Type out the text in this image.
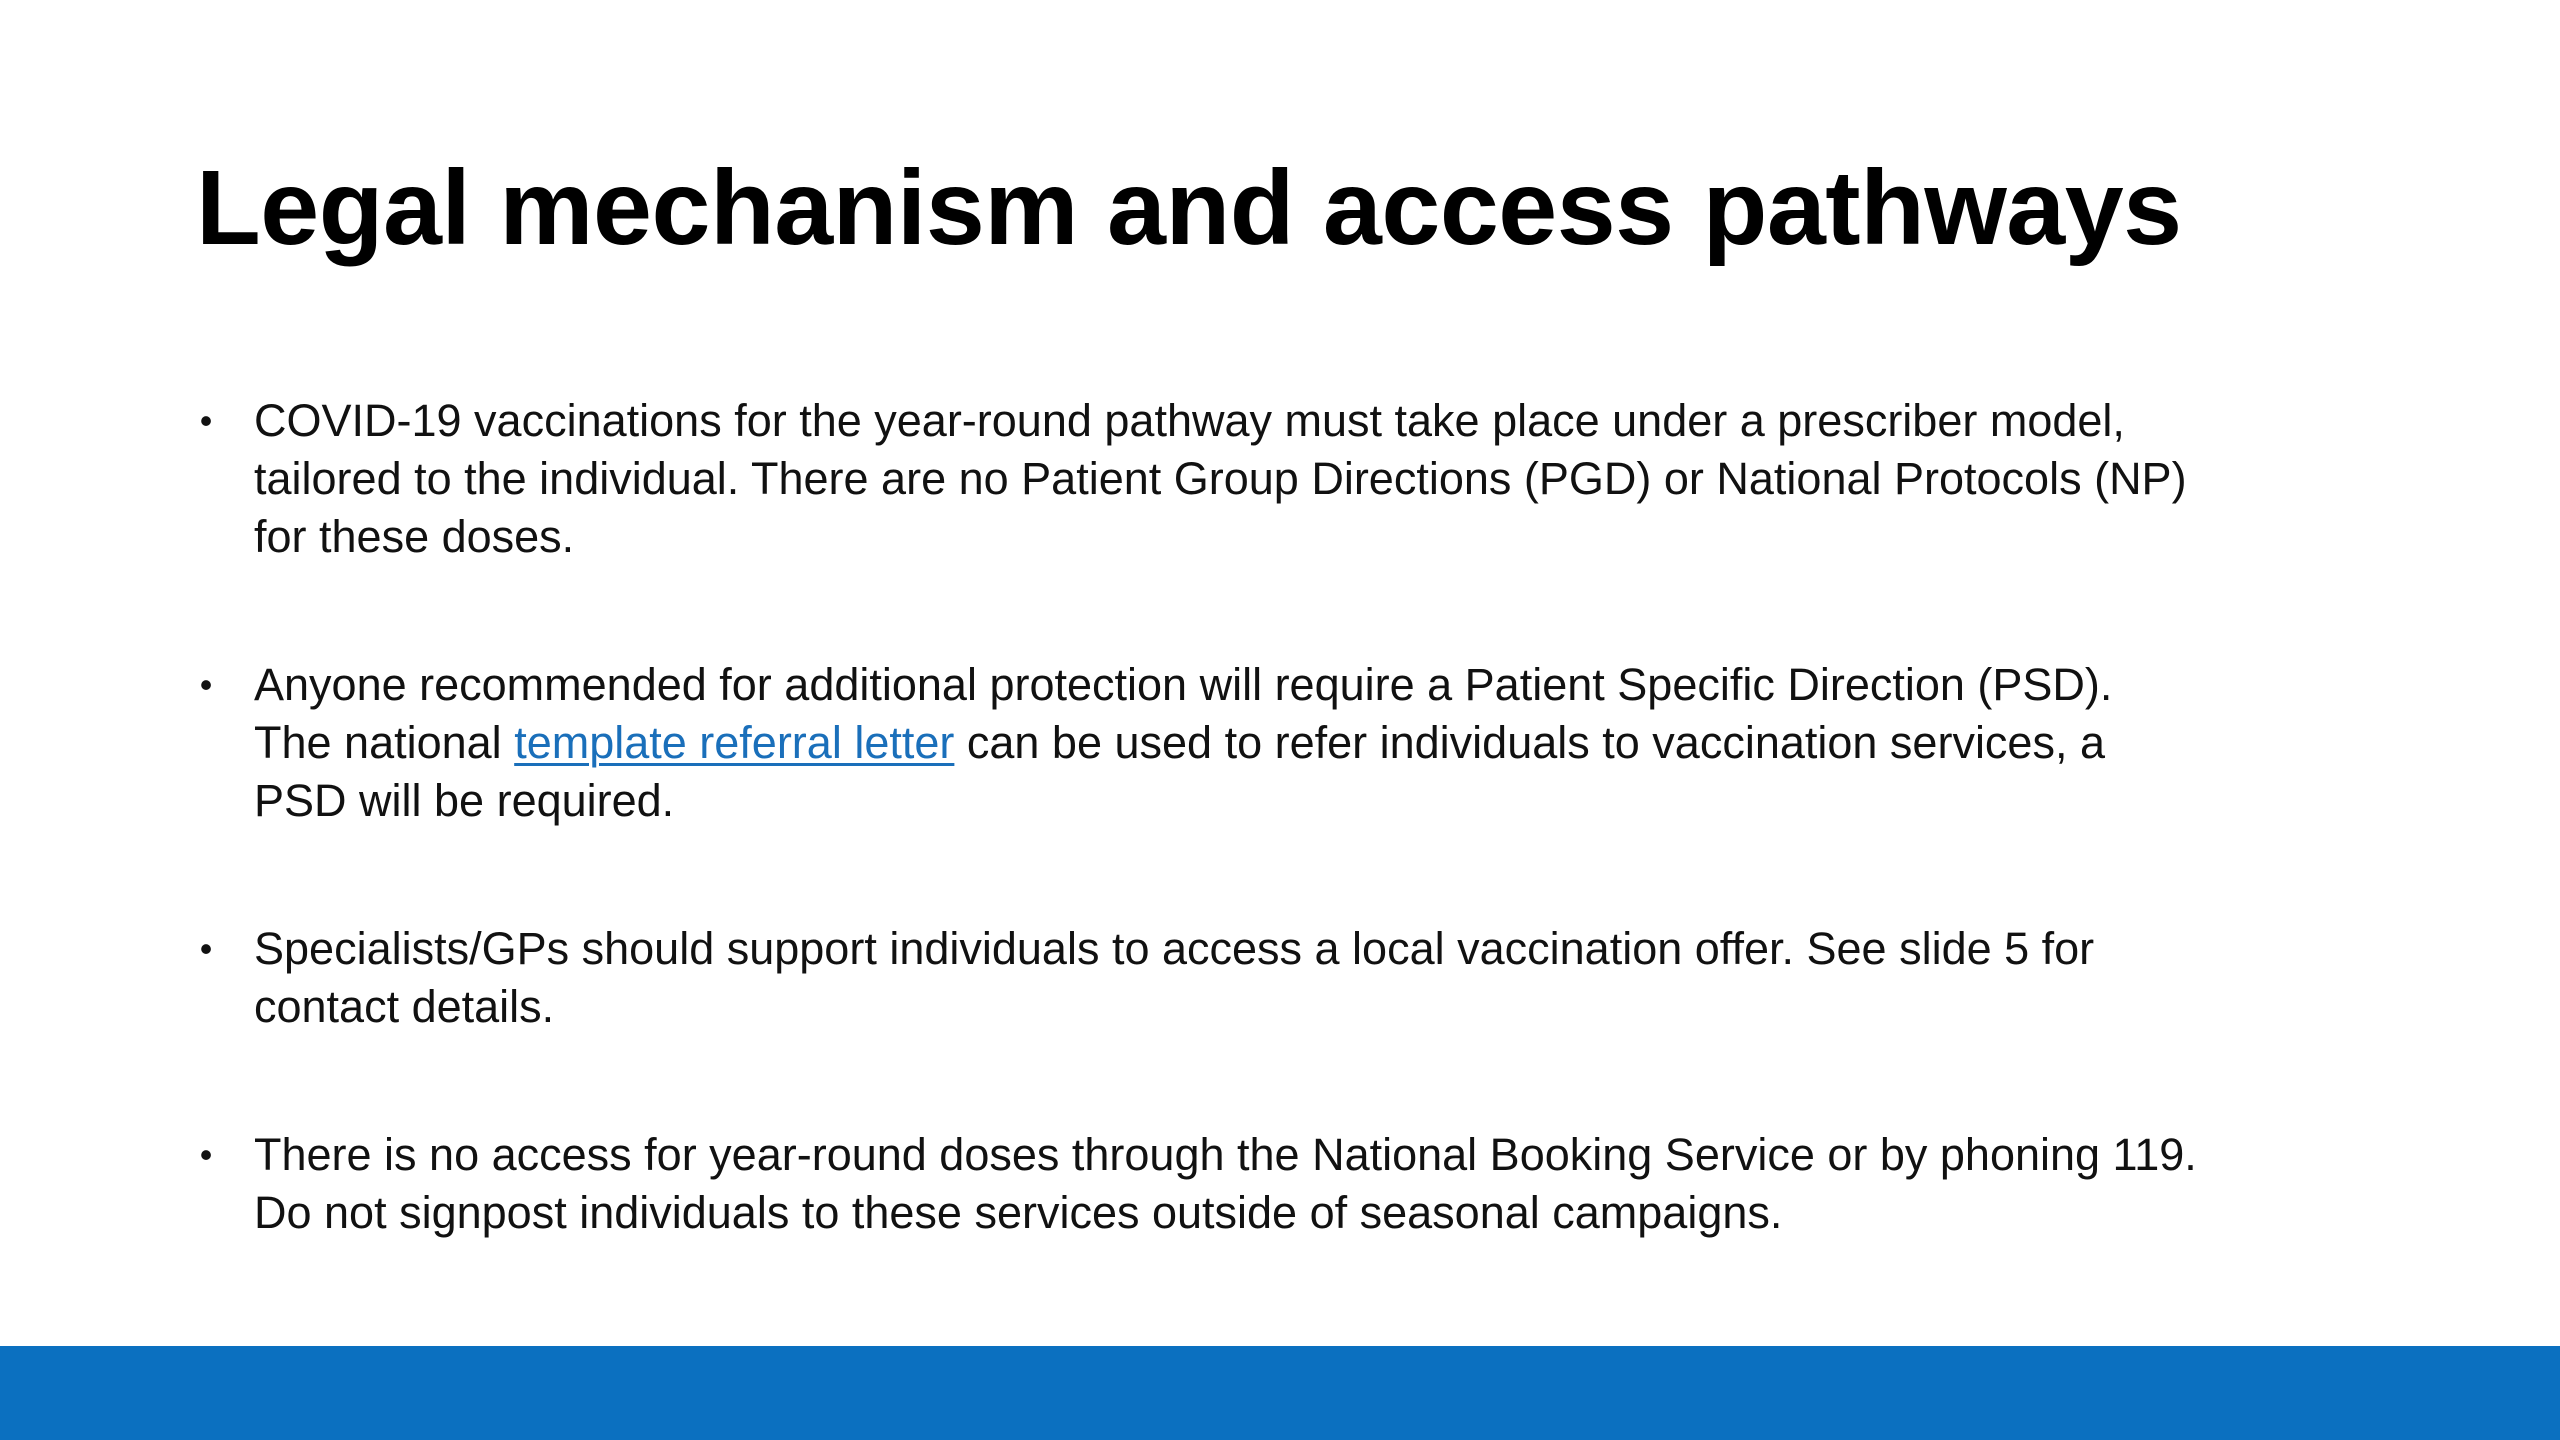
Legal mechanism and access pathways
• COVID-19 vaccinations for the year-round pathway must take place under a prescriber model,
tailored to the individual. There are no Patient Group Directions (PGD) or National Protocols (NP)
for these doses.
• Anyone recommended for additional protection will require a Patient Specific Direction (PSD).
The national template referral letter can be used to refer individuals to vaccination services, a
PSD will be required.
• Specialists/GPs should support individuals to access a local vaccination offer. See slide 5 for
contact details.
• There is no access for year-round doses through the National Booking Service or by phoning 119.
Do not signpost individuals to these services outside of seasonal campaigns.
